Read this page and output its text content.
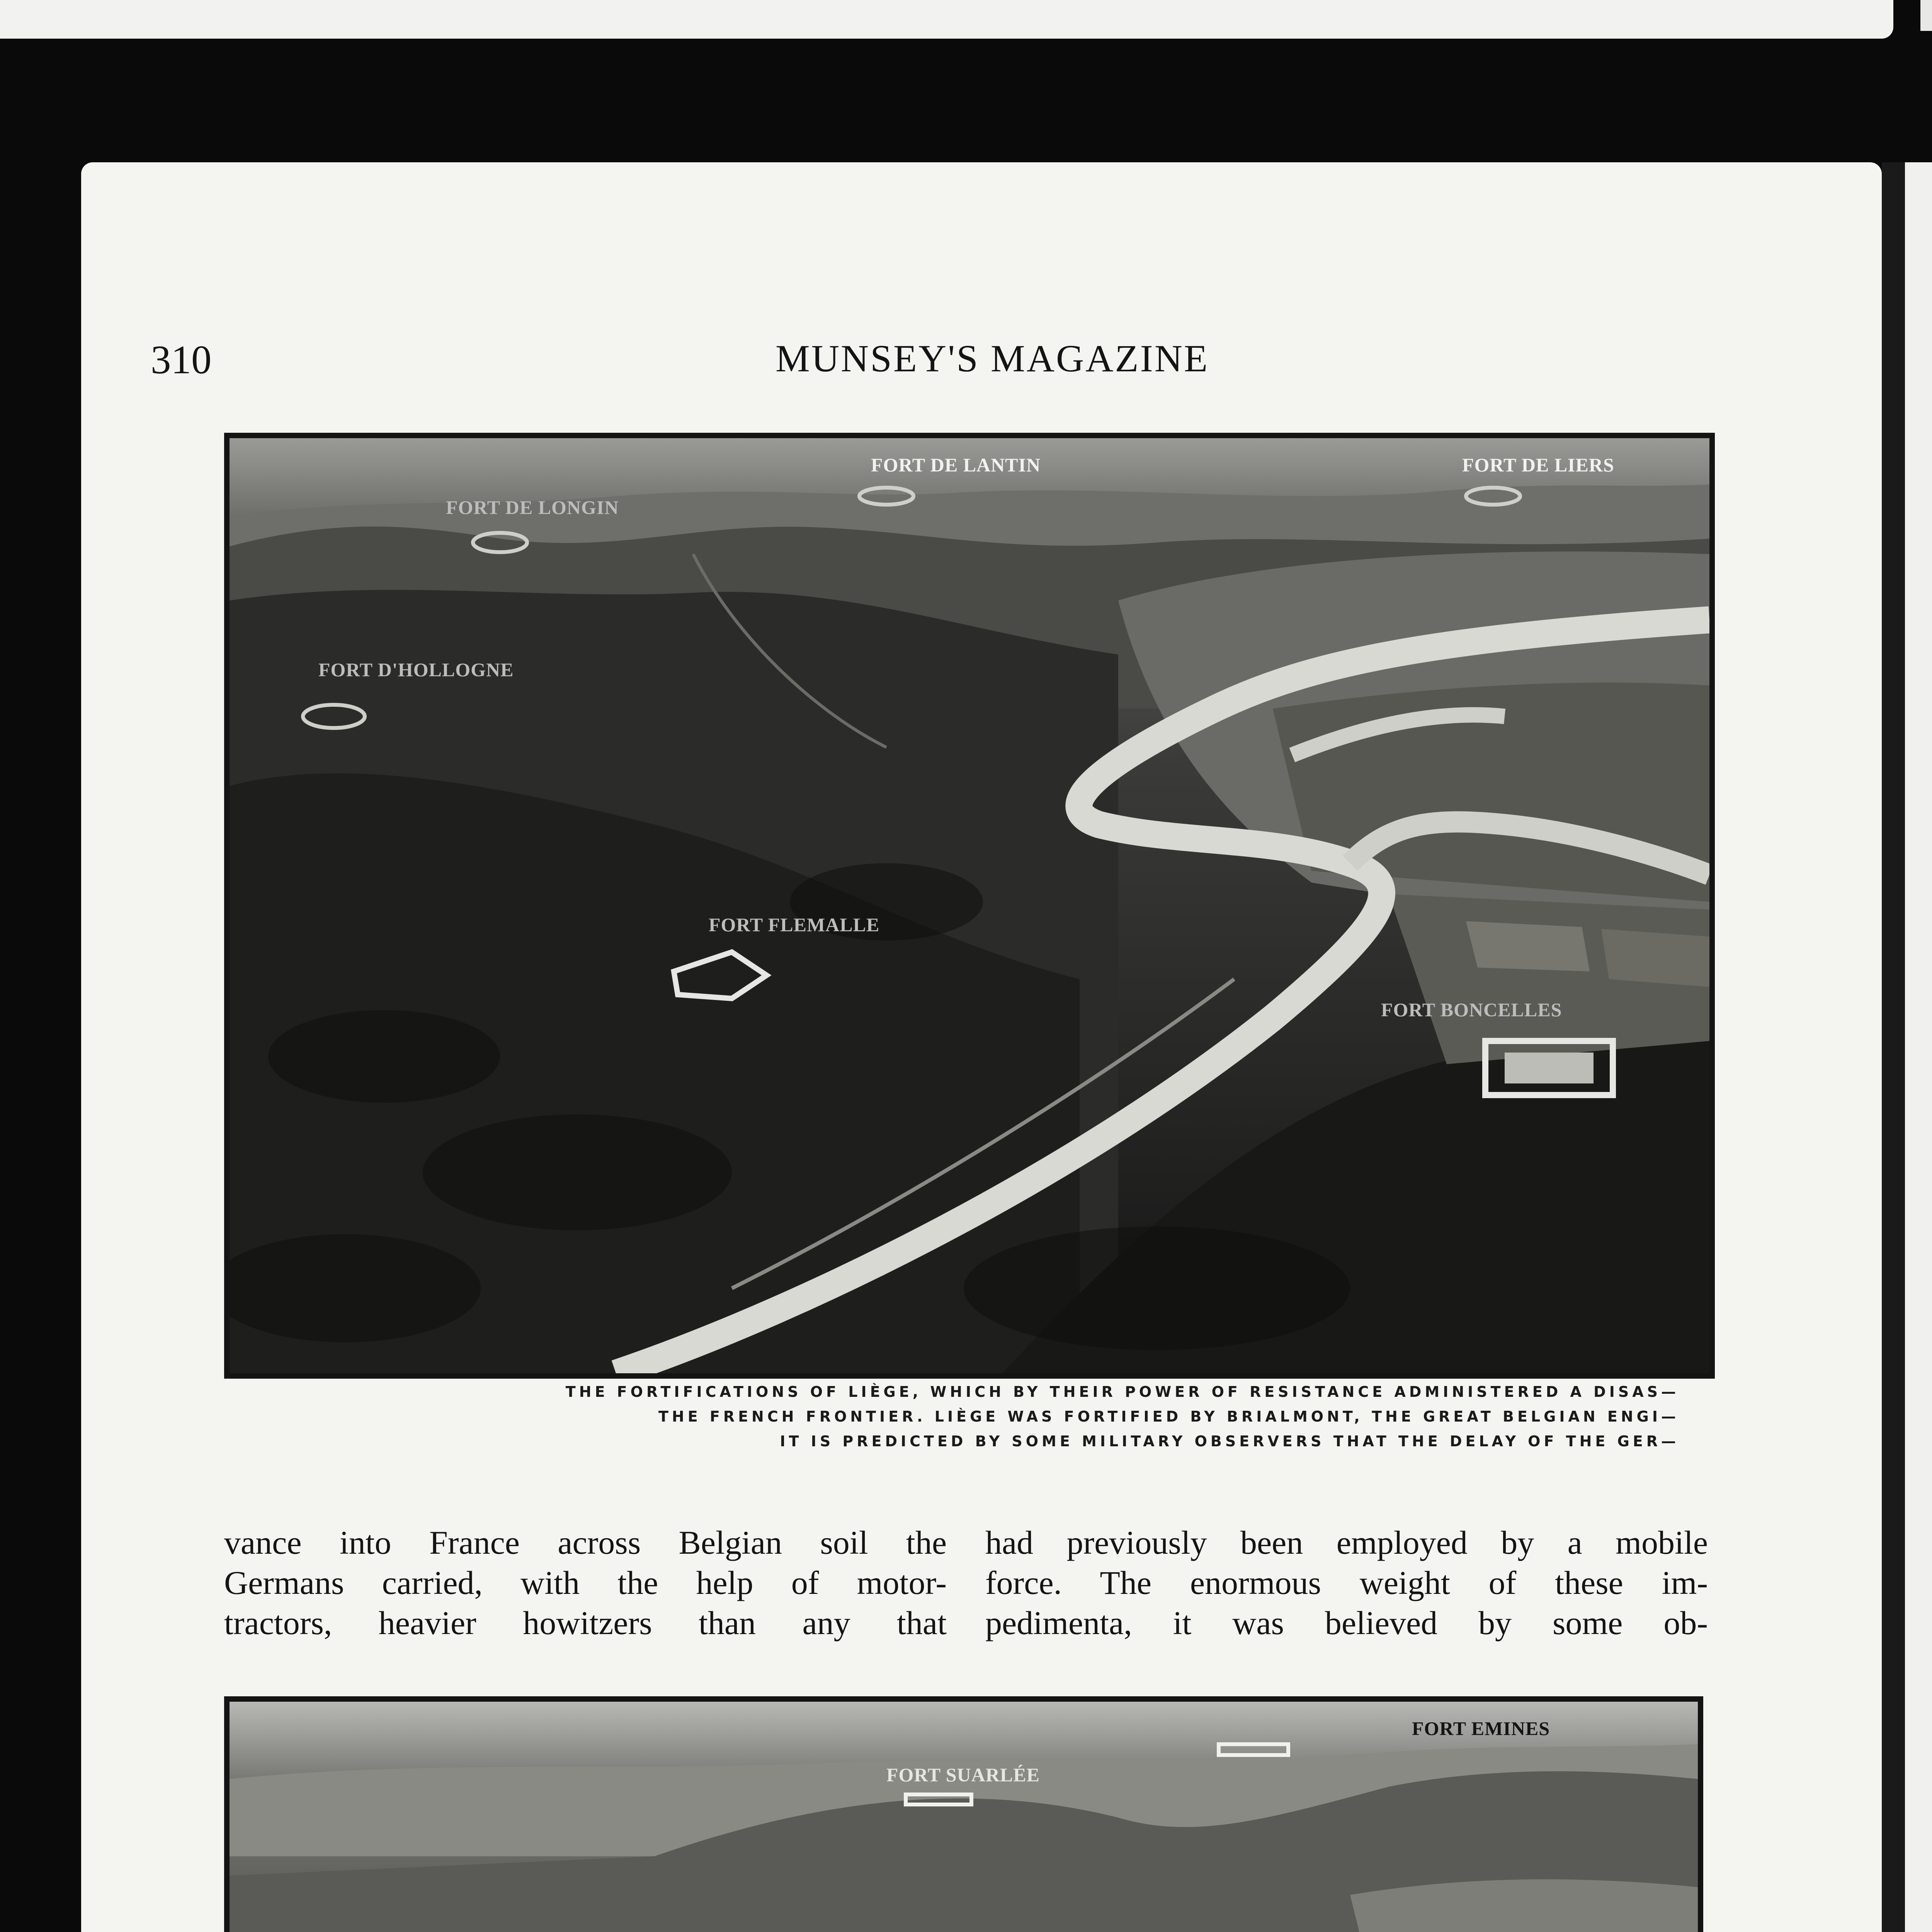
310	MUNSEY'S MAGAZINE
FORT DE LANTIN	FORT DE LIERS
FORT DE LONGIN
FORT D'HOLLOGNE
FORT FLEMALLE
FORT BONCELLES
THE FORTIFICATIONS OF LIÈGE, WHICH BY THEIR POWER OF RESISTANCE ADMINISTERED A DISAS—
THE FRENCH FRONTIER. LIÈGE WAS FORTIFIED BY BRIALMONT, THE GREAT BELGIAN ENGI—
IT IS PREDICTED BY SOME MILITARY OBSERVERS THAT THE DELAY OF THE GER—
vance into France across Belgian soil the
Germans carried, with the help of motor-
tractors, heavier howitzers than any that
had previously been employed by a mobile
force. The enormous weight of these im-
pedimenta, it was believed by some ob-
FORT SUARLÉE
FORT EMINES
